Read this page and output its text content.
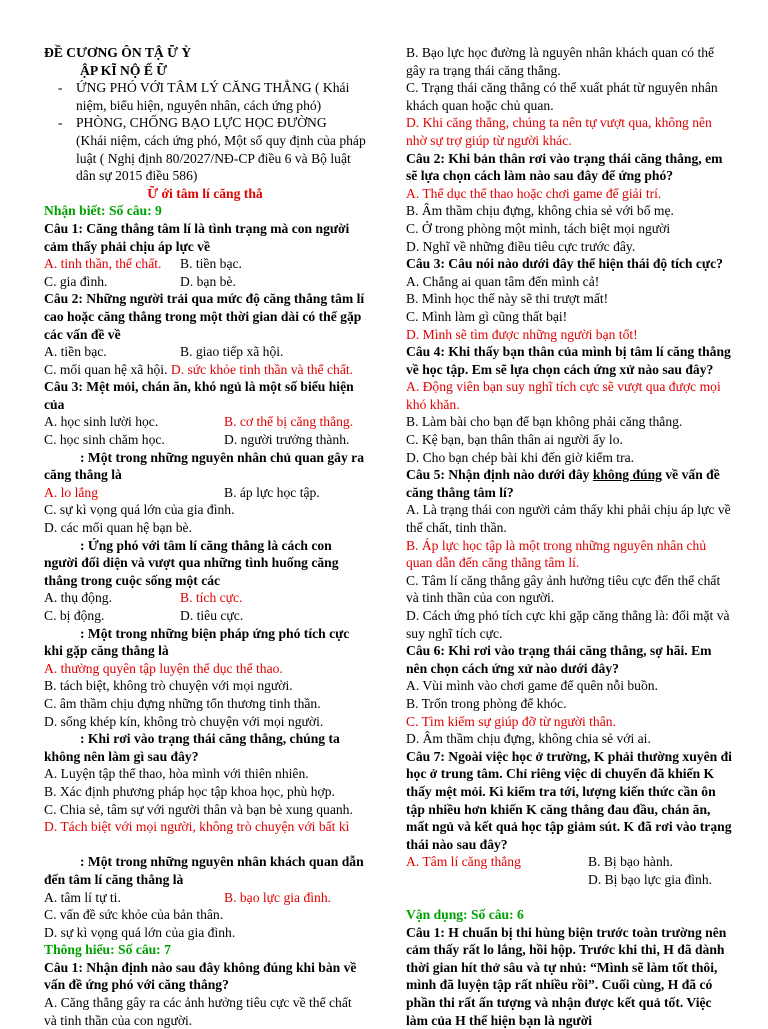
ĐỀ CƯƠNG ÔN TẬ Ữ Ỳ

ẬP KĨ NỘ Ế Ữ

- ỨNG PHÓ VỚI TÂM LÝ CĂNG THẲNG ( Khái niệm, biểu hiện, nguyên nhân, cách ứng phó)
- PHÒNG, CHỐNG BẠO LỰC HỌC ĐƯỜNG

(Khái niệm, cách ứng phó, Một số quy định của pháp luật ( Nghị định 80/2027/NĐ-CP điều 6 và Bộ luật dân sự 2015 điều 586)

Ữ ới tâm lí căng thẳ

Nhận biết: Số câu: 9

Câu 1: Căng thẳng tâm lí là tình trạng mà con người cảm thấy phải chịu áp lực về

A. tinh thần, thể chất.	B. tiền bạc.
C. gia đình.	D. bạn bè.

Câu 2: Những người trải qua mức độ căng thẳng tâm lí cao hoặc căng thẳng trong một thời gian dài có thể gặp các vấn đề về

A. tiền bạc.	B. giao tiếp xã hội.
C. mối quan hệ xã hội.
D. sức khỏe tinh thần và thể chất.

Câu 3: Mệt mỏi, chán ăn, khó ngủ là một số biểu hiện của

A. học sinh lười học.	B. cơ thể bị căng thẳng.
C. học sinh chăm học.	D. người trưởng thành.

: Một trong những nguyên nhân chủ quan gây ra căng thẳng là

A. lo lắng	B. áp lực học tập.

C. sự kì vọng quá lớn của gia đình.

D. các mối quan hệ bạn bè.

: Ứng phó với tâm lí căng thẳng là cách con người đối diện và vượt qua những tình huống căng thẳng trong cuộc sống một các

A. thụ động.	B. tích cực.
C. bị động.	D. tiêu cực.

: Một trong những biện pháp ứng phó tích cực khi gặp căng thẳng là

A. thường quyên tập luyện thể dục thể thao.

B. tách biệt, không trò chuyện với mọi người.

C. âm thầm chịu đựng những tổn thương tinh thần.

D. sống khép kín, không trò chuyện với mọi người.

: Khi rơi vào trạng thái căng thẳng, chúng ta không nên làm gì sau đây?

A. Luyện tập thể thao, hòa mình với thiên nhiên.

B. Xác định phương pháp học tập khoa học, phù hợp.

C. Chia sẻ, tâm sự với người thân và bạn bè xung quanh.

D. Tách biệt với mọi người, không trò chuyện với bất kì

: Một trong những nguyên nhân khách quan dẫn đến tâm lí căng thẳng là

A. tâm lí tự ti.	B. bạo lực gia đình.

C. vấn đề sức khỏe của bản thân.

D. sự kì vọng quá lớn của gia đình.

Thông hiểu: Số câu: 7

Câu 1: Nhận định nào sau đây không đúng khi bàn về vấn đề ứng phó với căng thẳng?

A. Căng thẳng gây ra các ảnh hưởng tiêu cực về thể chất và tinh thần của con người.

B. Bạo lực học đường là nguyên nhân khách quan có thể gây ra trạng thái căng thẳng.

C. Trạng thái căng thẳng có thể xuất phát từ nguyên nhân khách quan hoặc chủ quan.

D. Khi căng thẳng, chúng ta nên tự vượt qua, không nên nhờ sự trợ giúp từ người khác.

Câu 2: Khi bản thân rơi vào trạng thái căng thẳng, em sẽ lựa chọn cách làm nào sau đây để ứng phó?

A. Thể dục thể thao hoặc chơi game để giải trí.

B. Âm thầm chịu đựng, không chia sẻ với bố mẹ.

C. Ở trong phòng một mình, tách biệt mọi người

D. Nghĩ về những điều tiêu cực trước đây.

Câu 3: Câu nói nào dưới đây thể hiện thái độ tích cực?

A. Chẳng ai quan tâm đến mình cả!

B. Mình học thế này sẽ thi trượt mất!

C. Mình làm gì cũng thất bại!

D. Mình sẽ tìm được những người bạn tốt!

Câu 4: Khi thấy bạn thân của mình bị tâm lí căng thẳng về học tập. Em sẽ lựa chọn cách ứng xử nào sau đây?

A. Động viên bạn suy nghĩ tích cực sẽ vượt qua được mọi khó khăn.

B. Làm bài cho bạn để bạn không phải căng thẳng.

C. Kệ bạn, bạn thân thân ai người ấy lo.

D. Cho bạn chép bài khi đến giờ kiểm tra.

Câu 5: Nhận định nào dưới đây không đúng về vấn đề căng thẳng tâm lí?

A. Là trạng thái con người cảm thấy khi phải chịu áp lực về thể chất, tinh thần.

B. Áp lực học tập là một trong những nguyên nhân chủ quan dẫn đến căng thẳng tâm lí.

C. Tâm lí căng thẳng gây ảnh hưởng tiêu cực đến thể chất và tinh thần của con người.

D. Cách ứng phó tích cực khi gặp căng thẳng là: đối mặt và suy nghĩ tích cực.

Câu 6: Khi rơi vào trạng thái căng thẳng, sợ hãi. Em nên chọn cách ứng xử nào dưới đây?

A. Vùi mình vào chơi game để quên nỗi buồn.

B. Trốn trong phòng để khóc.

C. Tìm kiếm sự giúp đỡ từ người thân.

D. Âm thầm chịu đựng, không chia sẻ với ai.

Câu 7: Ngoài việc học ở trường, K phải thường xuyên đi học ở trung tâm. Chỉ riêng việc di chuyển đã khiến K thấy mệt mỏi. Kì kiểm tra tới, lượng kiến thức cần ôn tập nhiều hơn khiến K căng thẳng đau đầu, chán ăn, mất ngủ và kết quả học tập giảm sút. K đã rơi vào trạng thái nào sau đây?

A. Tâm lí căng thẳng	B. Bị bạo hành.
D. Bị bạo lực gia đình.

Vận dụng: Số câu: 6

Câu 1: H chuẩn bị thi hùng biện trước toàn trường nên cảm thấy rất lo lắng, hồi hộp. Trước khi thi, H đã dành thời gian hít thở sâu và tự nhủ: “Mình sẽ làm tốt thôi, mình đã luyện tập rất nhiều rồi”. Cuối cùng, H đã có phần thi rất ấn tượng và nhận được kết quả tốt. Việc làm của H thể hiện bạn là người
